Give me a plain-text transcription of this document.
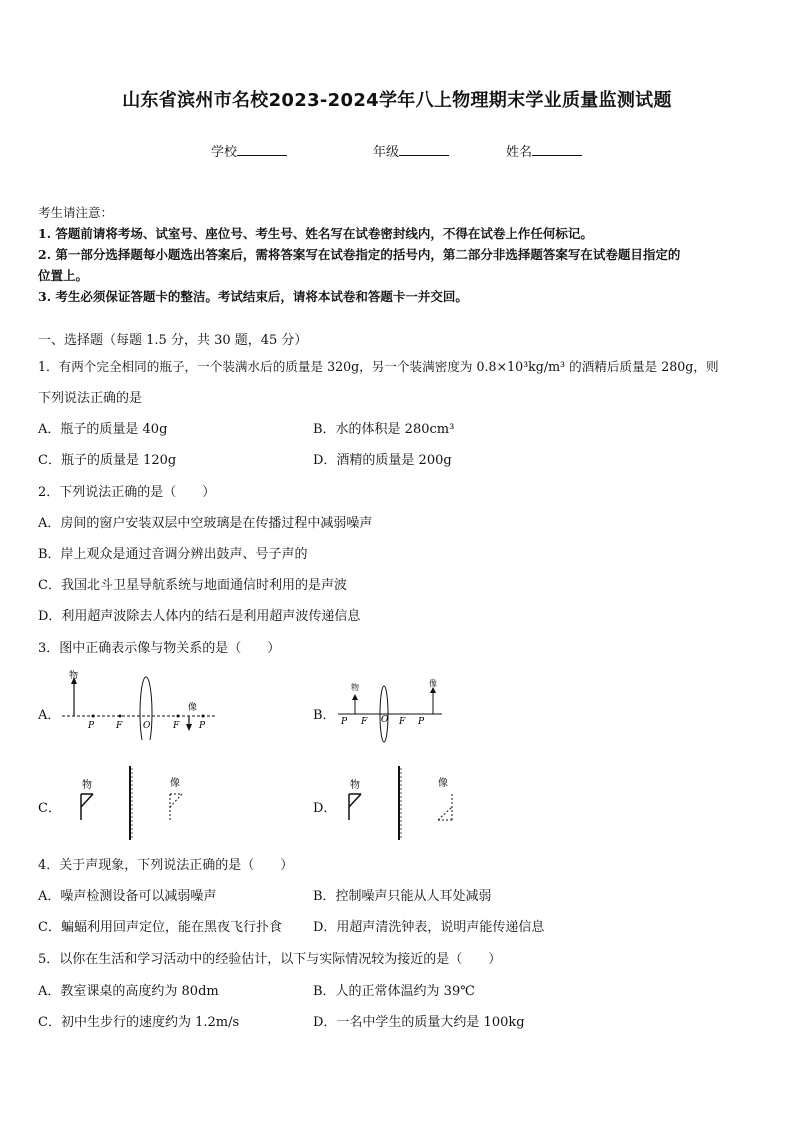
山东省滨州市名校2023-2024学年八上物理期末学业质量监测试题
学校	年级	姓名
考生请注意：
1. 答题前请将考场、试室号、座位号、考生号、姓名写在试卷密封线内，不得在试卷上作任何标记。
2. 第一部分选择题每小题选出答案后，需将答案写在试卷指定的括号内，第二部分非选择题答案写在试卷题目指定的
位置上。
3. 考生必须保证答题卡的整洁。考试结束后，请将本试卷和答题卡一并交回。
一、选择题（每题 1.5 分，共 30 题，45 分）
1．有两个完全相同的瓶子，一个装满水后的质量是 320g，另一个装满密度为 0.8×10³kg/m³ 的酒精后质量是 280g，则
下列说法正确的是
A．瓶子的质量是 40g	B．水的体积是 280cm³
C．瓶子的质量是 120g	D．酒精的质量是 200g
2．下列说法正确的是（　　）
A．房间的窗户安装双层中空玻璃是在传播过程中减弱噪声
B．岸上观众是通过音调分辨出鼓声、号子声的
C．我国北斗卫星导航系统与地面通信时利用的是声波
D．利用超声波除去人体内的结石是利用超声波传递信息
3．图中正确表示像与物关系的是（　　）
A．
物
P F O	F P
像	B．
物	像
P F O F P
C．
物	像
D．
物	像
4．关于声现象，下列说法正确的是（　　）
A．噪声检测设备可以减弱噪声	B．控制噪声只能从人耳处减弱
C．蝙蝠利用回声定位，能在黑夜飞行扑食 D．用超声清洗钟表，说明声能传递信息
5．以你在生活和学习活动中的经验估计，以下与实际情况较为接近的是（　　）
A．教室课桌的高度约为 80dm	B．人的正常体温约为 39℃
C．初中生步行的速度约为 1.2m/s	D．一名中学生的质量大约是 100kg
